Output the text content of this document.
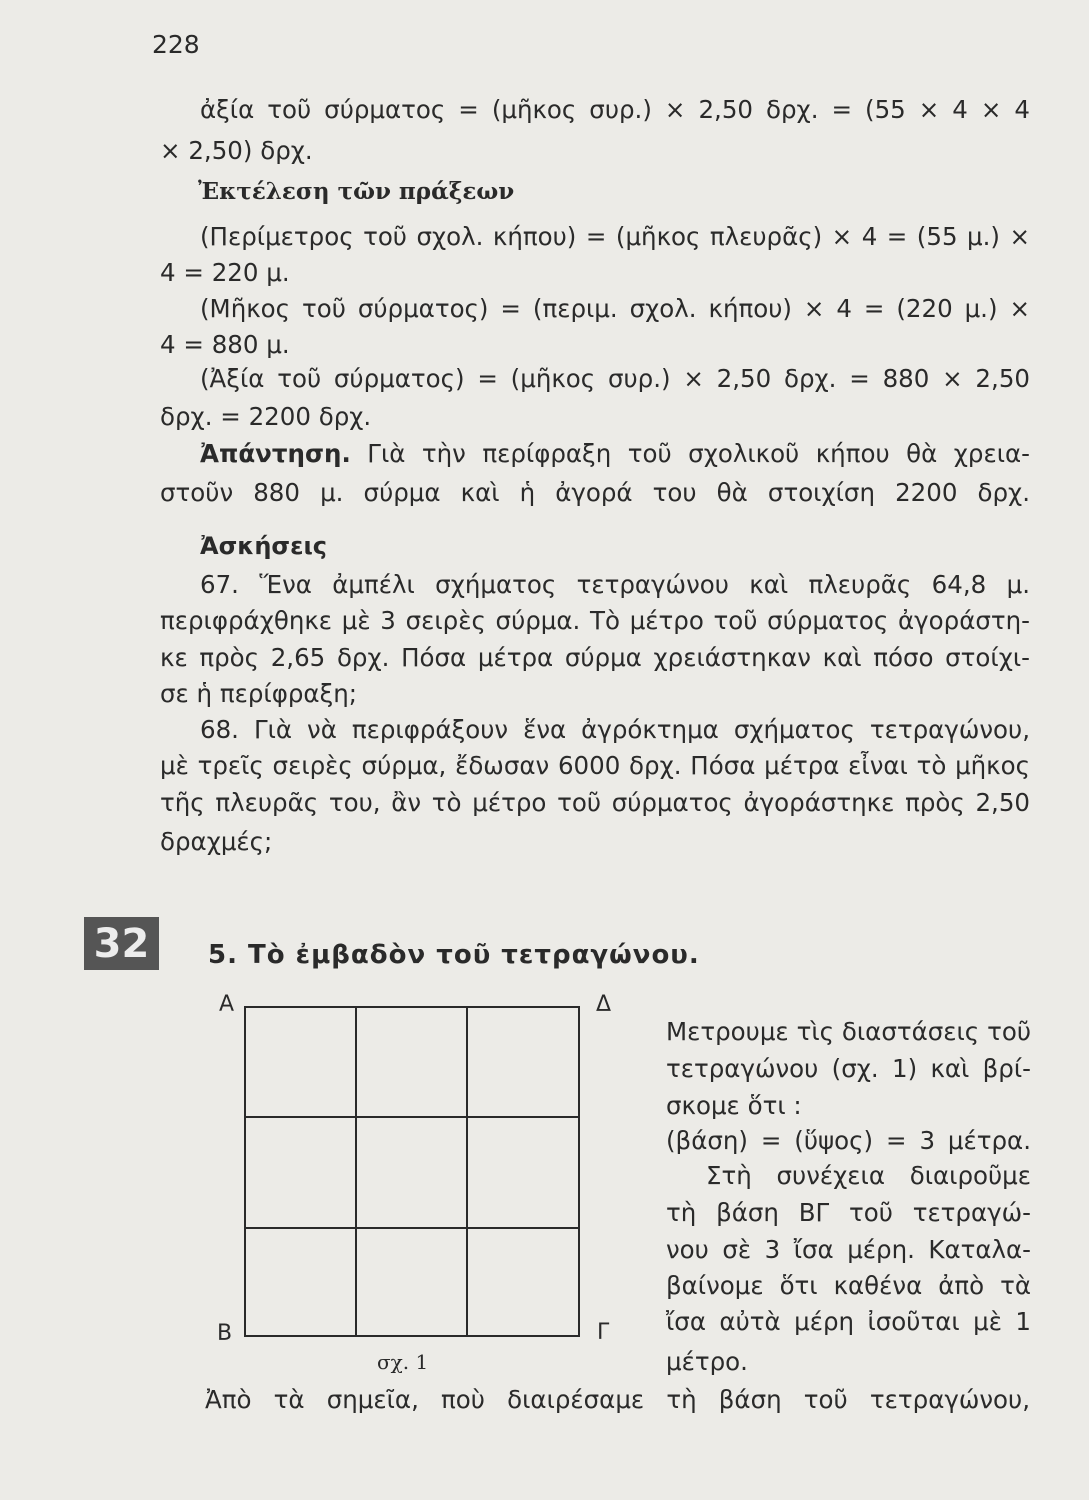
228
ἀξία τοῦ σύρματος = (μῆκος συρ.) × 2,50 δρχ. = (55 × 4 × 4
× 2,50) δρχ.
Ἐκτέλεση τῶν πράξεων
(Περίμετρος τοῦ σχολ. κήπου) = (μῆκος πλευρᾶς) × 4 = (55 μ.) ×
4 = 220 μ.
(Μῆκος τοῦ σύρματος) = (περιμ. σχολ. κήπου) × 4 = (220 μ.) ×
4 = 880 μ.
(Ἀξία τοῦ σύρματος) = (μῆκος συρ.) × 2,50 δρχ. = 880 × 2,50
δρχ. = 2200 δρχ.
Ἀπάντηση. Γιὰ τὴν περίφραξη τοῦ σχολικοῦ κήπου θὰ χρεια-
στοῦν 880 μ. σύρμα καὶ ἡ ἀγορά του θὰ στοιχίση 2200 δρχ.
Ἀσκήσεις
67. Ἕνα ἀμπέλι σχήματος τετραγώνου καὶ πλευρᾶς 64,8 μ.
περιφράχθηκε μὲ 3 σειρὲς σύρμα. Τὸ μέτρο τοῦ σύρματος ἀγοράστη-
κε πρὸς 2,65 δρχ. Πόσα μέτρα σύρμα χρειάστηκαν καὶ πόσο στοίχι-
σε ἡ περίφραξη;
68. Γιὰ νὰ περιφράξουν ἕνα ἀγρόκτημα σχήματος τετραγώνου,
μὲ τρεῖς σειρὲς σύρμα, ἔδωσαν 6000 δρχ. Πόσα μέτρα εἶναι τὸ μῆκος
τῆς πλευρᾶς του, ἂν τὸ μέτρο τοῦ σύρματος ἀγοράστηκε πρὸς 2,50
δραχμές;
32	5. Τὸ ἐμβαδὸν τοῦ τετραγώνου.
Α	Δ
Β	Γ
σχ. 1
Μετρουμε τὶς διαστάσεις τοῦ
τετραγώνου (σχ. 1) καὶ βρί-
σκομε ὅτι :
(βάση) = (ὕψος) = 3 μέτρα.
Στὴ συνέχεια διαιροῦμε
τὴ βάση ΒΓ τοῦ τετραγώ-
νου σὲ 3 ἴσα μέρη. Καταλα-
βαίνομε ὅτι καθένα ἀπὸ τὰ
ἴσα αὐτὰ μέρη ἰσοῦται μὲ 1
μέτρο.
Ἀπὸ τὰ σημεῖα, ποὺ διαιρέσαμε τὴ βάση τοῦ τετραγώνου,
